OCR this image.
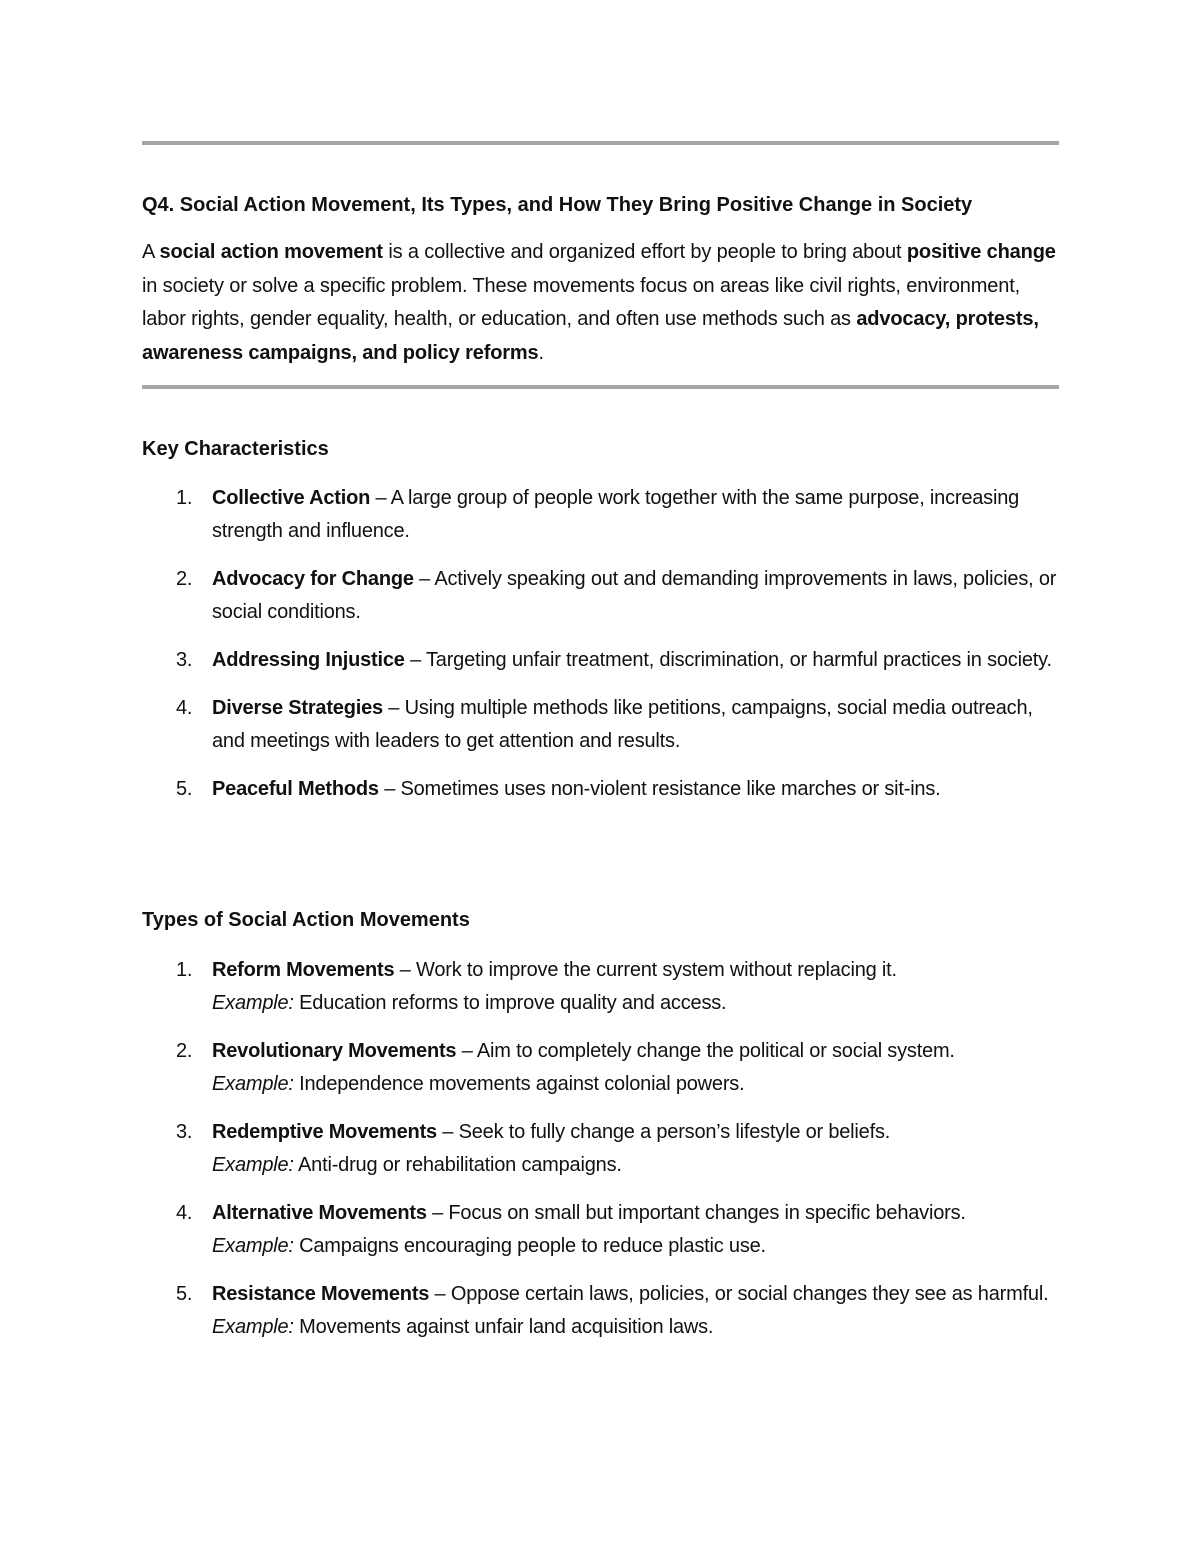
Q4. Social Action Movement, Its Types, and How They Bring Positive Change in Society

A social action movement is a collective and organized effort by people to bring about positive change in society or solve a specific problem. These movements focus on areas like civil rights, environment, labor rights, gender equality, health, or education, and often use methods such as advocacy, protests, awareness campaigns, and policy reforms.

Key Characteristics
1. Collective Action – A large group of people work together with the same purpose, increasing strength and influence.
2. Advocacy for Change – Actively speaking out and demanding improvements in laws, policies, or social conditions.
3. Addressing Injustice – Targeting unfair treatment, discrimination, or harmful practices in society.
4. Diverse Strategies – Using multiple methods like petitions, campaigns, social media outreach, and meetings with leaders to get attention and results.
5. Peaceful Methods – Sometimes uses non-violent resistance like marches or sit-ins.
Types of Social Action Movements
1. Reform Movements – Work to improve the current system without replacing it.
Example: Education reforms to improve quality and access.
2. Revolutionary Movements – Aim to completely change the political or social system.
Example: Independence movements against colonial powers.
3. Redemptive Movements – Seek to fully change a person’s lifestyle or beliefs.
Example: Anti-drug or rehabilitation campaigns.
4. Alternative Movements – Focus on small but important changes in specific behaviors.
Example: Campaigns encouraging people to reduce plastic use.
5. Resistance Movements – Oppose certain laws, policies, or social changes they see as harmful.
Example: Movements against unfair land acquisition laws.
